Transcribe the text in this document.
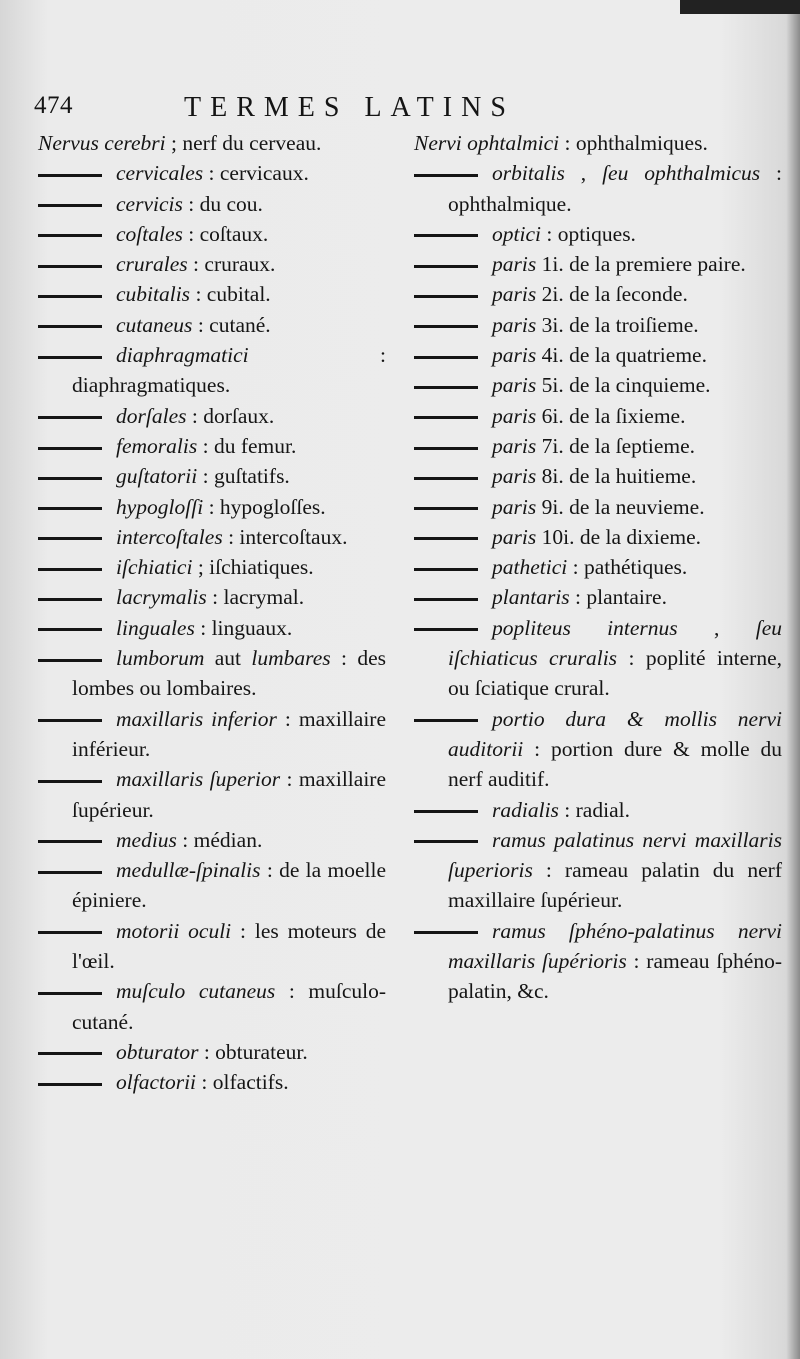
474	TERMES LATINS
Nervus cerebri ; nerf du cerveau.
cervicales : cervicaux.
cervicis : du cou.
coſtales : coſtaux.
crurales : cruraux.
cubitalis : cubital.
cutaneus : cutané.
diaphragmatici : diaphragmatiques.
dorſales : dorſaux.
femoralis : du femur.
guſtatorii : guſtatifs.
hypogloſſi : hypogloſſes.
intercoſtales : intercoſtaux.
iſchiatici ; iſchiatiques.
lacrymalis : lacrymal.
linguales : linguaux.
lumborum aut lumbares : des lombes ou lombaires.
maxillaris inferior : maxillaire inférieur.
maxillaris ſuperior : maxillaire ſupérieur.
medius : médian.
medullæ-ſpinalis : de la moelle épiniere.
motorii oculi : les moteurs de l'œil.
muſculo cutaneus : muſculo-cutané.
obturator : obturateur.
olfactorii : olfactifs.
Nervi ophtalmici : ophthalmiques.
orbitalis , ſeu ophthalmicus : ophthalmique.
optici : optiques.
paris 1i. de la premiere paire.
paris 2i. de la ſeconde.
paris 3i. de la troiſieme.
paris 4i. de la quatrieme.
paris 5i. de la cinquieme.
paris 6i. de la ſixieme.
paris 7i. de la ſeptieme.
paris 8i. de la huitieme.
paris 9i. de la neuvieme.
paris 10i. de la dixieme.
pathetici : pathétiques.
plantaris : plantaire.
popliteus internus , ſeu iſchiaticus cruralis : poplité interne, ou ſciatique crural.
portio dura & mollis nervi auditorii : portion dure & molle du nerf auditif.
radialis : radial.
ramus palatinus nervi maxillaris ſuperioris : rameau palatin du nerf maxillaire ſupérieur.
ramus ſphéno-palatinus nervi maxillaris ſupérioris : rameau ſphéno-palatin, &c.
